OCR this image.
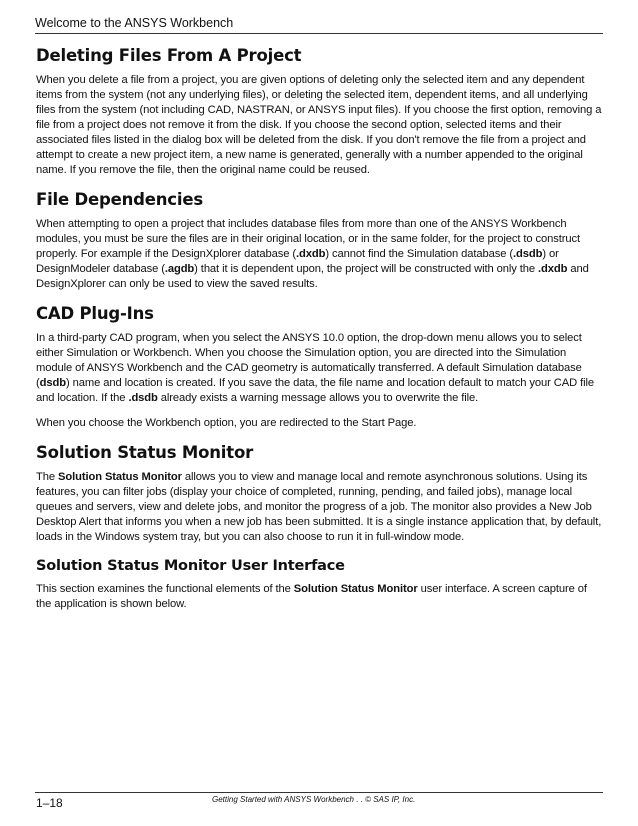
Welcome to the ANSYS Workbench
Deleting Files From A Project

When you delete a file from a project, you are given options of deleting only the selected item and any dependent items from the system (not any underlying files), or deleting the selected item, dependent items, and all underlying files from the system (not including CAD, NASTRAN, or ANSYS input files). If you choose the first option, removing a file from a project does not remove it from the disk. If you choose the second option, selected items and their associated files listed in the dialog box will be deleted from the disk. If you don't remove the file from a project and attempt to create a new project item, a new name is generated, generally with a number appended to the original name. If you remove the file, then the original name could be reused.

File Dependencies

When attempting to open a project that includes database files from more than one of the ANSYS Workbench modules, you must be sure the files are in their original location, or in the same folder, for the project to construct properly. For example if the DesignXplorer database (.dxdb) cannot find the Simulation database (.dsdb) or DesignModeler database (.agdb) that it is dependent upon, the project will be constructed with only the .dxdb and DesignXplorer can only be used to view the saved results.

CAD Plug-Ins

In a third-party CAD program, when you select the ANSYS 10.0 option, the drop-down menu allows you to select either Simulation or Workbench. When you choose the Simulation option, you are directed into the Simulation module of ANSYS Workbench and the CAD geometry is automatically transferred. A default Simulation database (dsdb) name and location is created. If you save the data, the file name and location default to match your CAD file and location. If the .dsdb already exists a warning message allows you to overwrite the file.

When you choose the Workbench option, you are redirected to the Start Page.

Solution Status Monitor

The Solution Status Monitor allows you to view and manage local and remote asynchronous solutions. Using its features, you can filter jobs (display your choice of completed, running, pending, and failed jobs), manage local queues and servers, view and delete jobs, and monitor the progress of a job. The monitor also provides a New Job Desktop Alert that informs you when a new job has been submitted. It is a single instance application that, by default, loads in the Windows system tray, but you can also choose to run it in full-window mode.

Solution Status Monitor User Interface

This section examines the functional elements of the Solution Status Monitor user interface. A screen capture of the application is shown below.

1–18	Getting Started with ANSYS Workbench . . © SAS IP, Inc.
